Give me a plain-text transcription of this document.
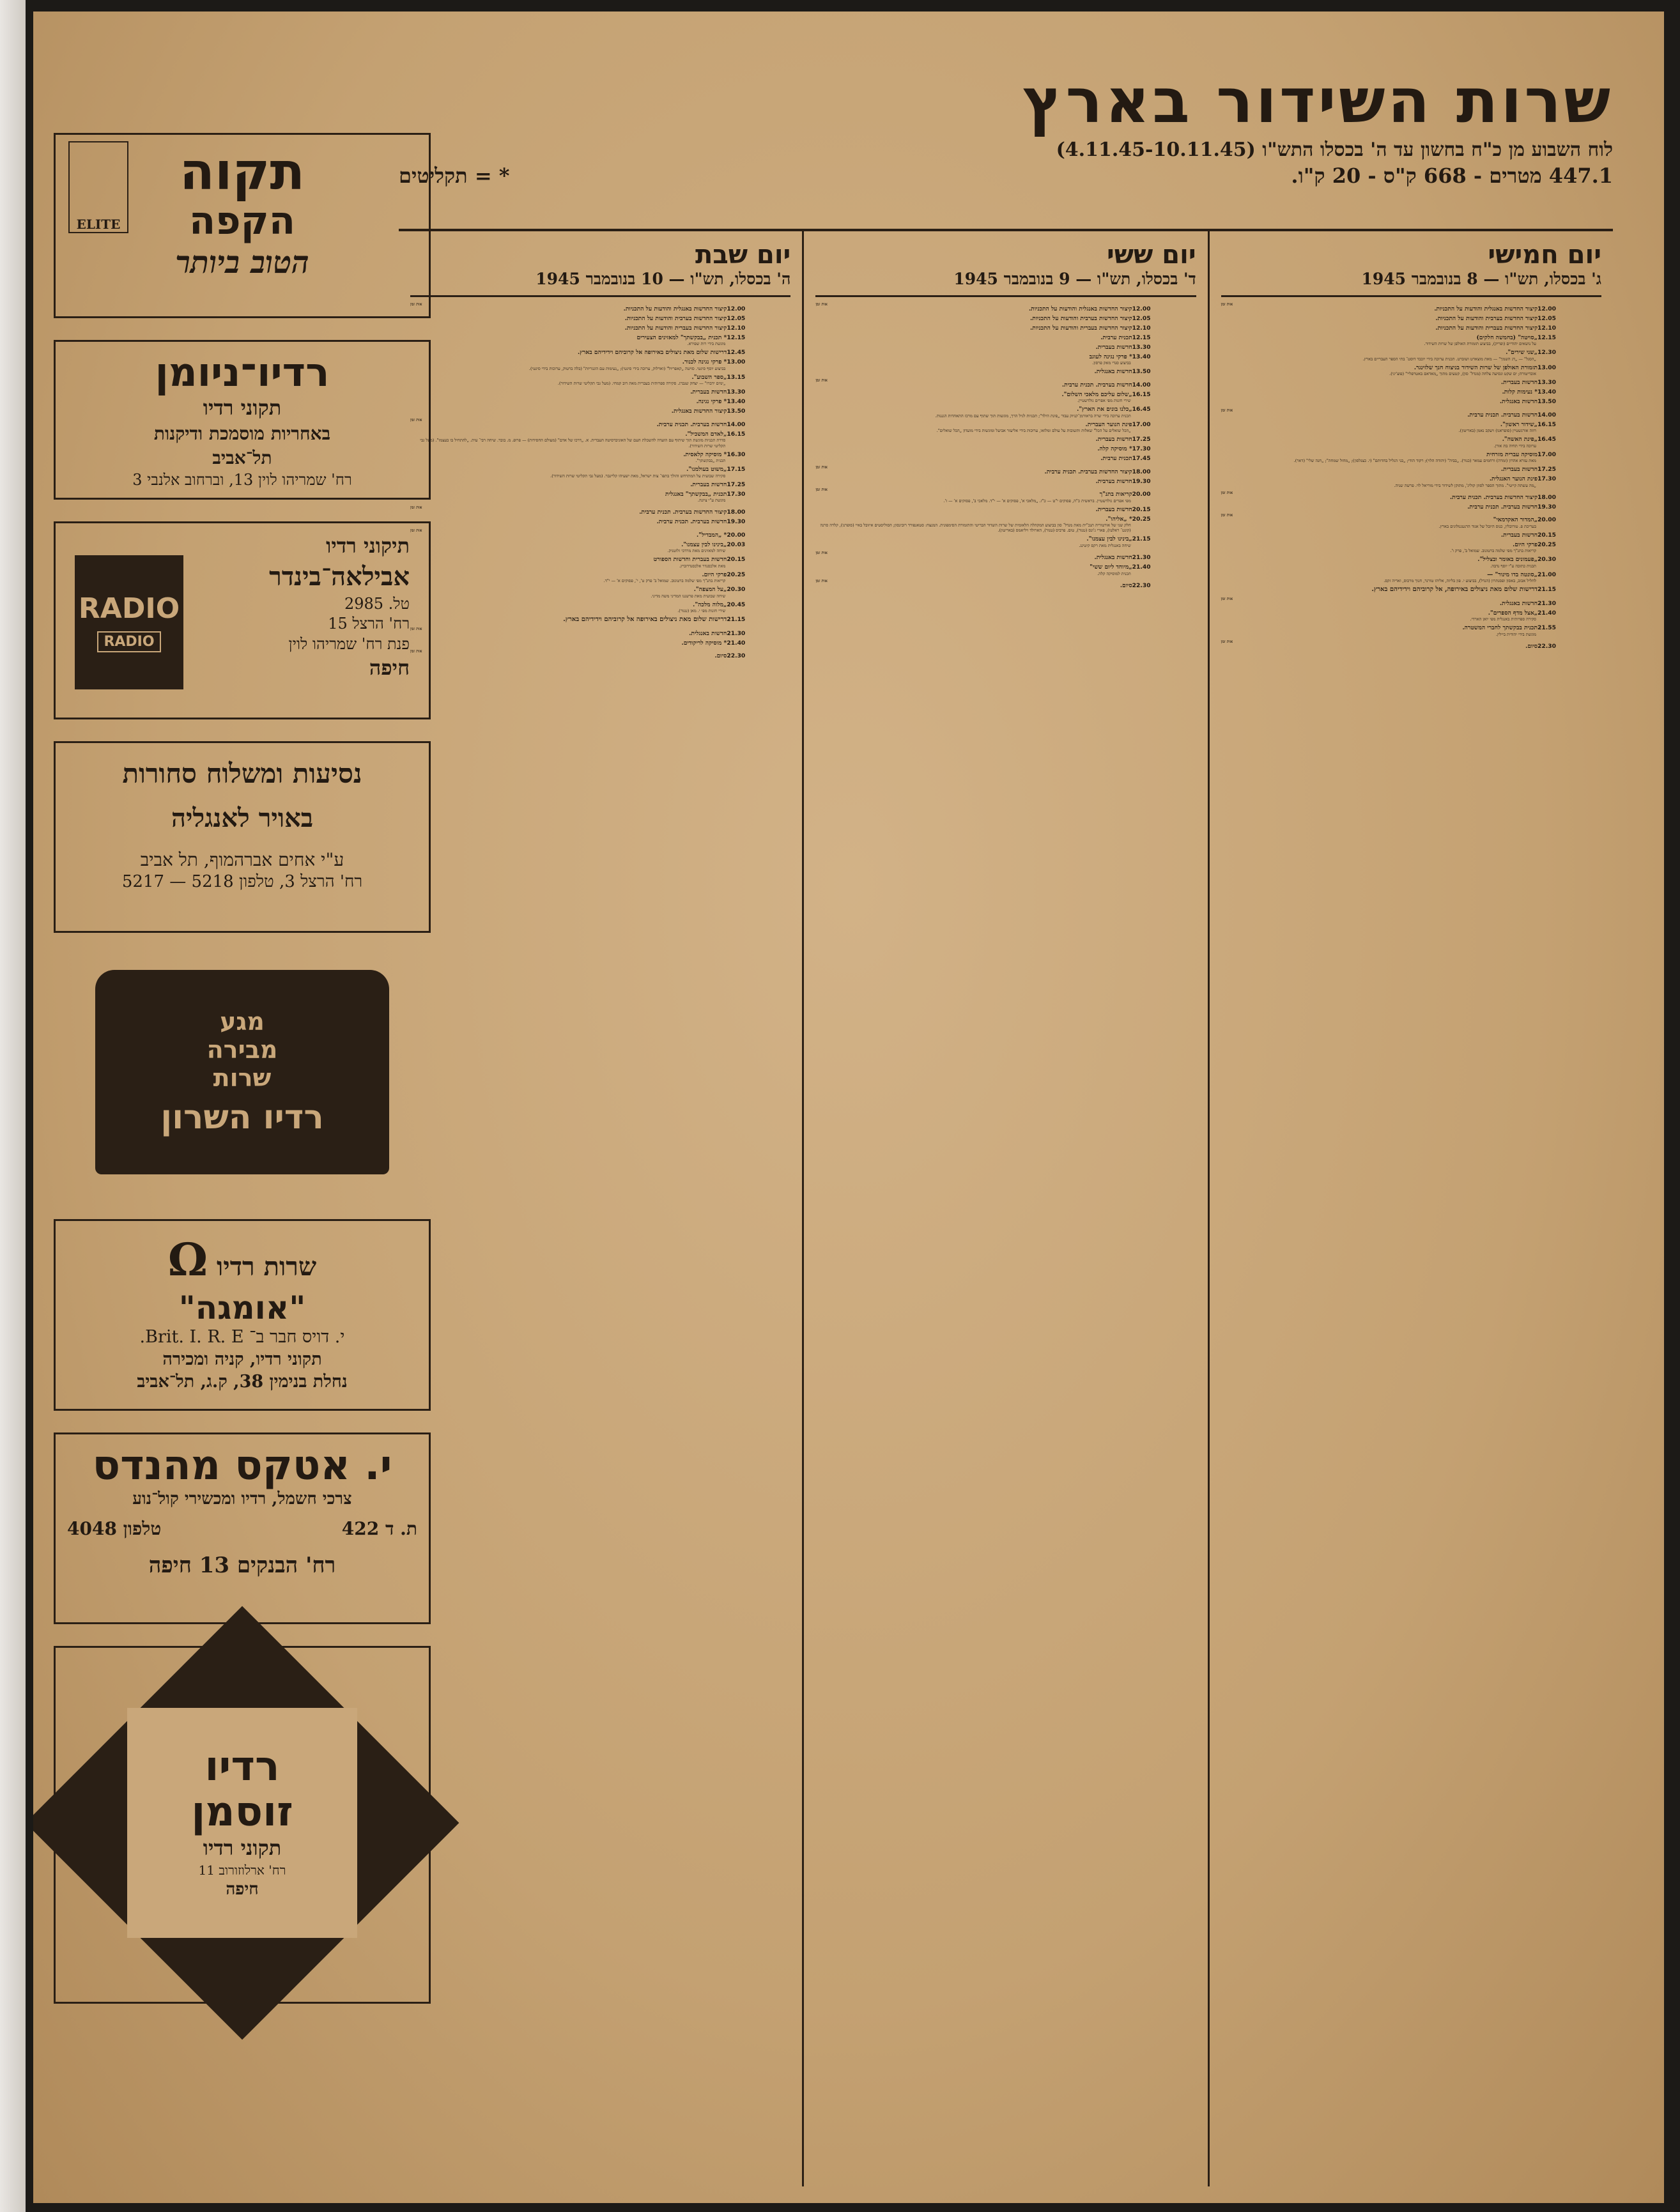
שרות השידור בארץ
לוח השבוע מן כ"ח בחשון עד ה' בכסלו התש"ו (4.11.45-10.11.45)
447.1 מטרים - 668 ק"ס - 20 ק"ו.
* = תקליטים
יום חמישי
ג' בכסלו, תש"ו — 8 בנובמבר 1945
אות זמן
12.00
קיצור החדשות באנגלית והודעות על התכניות.
12.05
קיצור החדשות בערבית והודעות על התכניות.
12.10
קיצור החדשות בעברית והודעות על התכניות.
12.15
„סויטה" (בחמשה חלקים)
על נושאים יהודיים (ופריק), בביצוע תזמורת האולפן של שרות השידור.
12.30
„שני שירים".
„הסגל" — „דג השמך" — מאת מוצארט ושוברט. תכנית ערוכה בידי יוכבד דוסט־ בתי הספר העבריים בארץ.
13.00
תזמורת האולפן של שרות השידור בניצוח חנך שלזינגר.
אובריטורה; ים שקט ונסיעה צלחה (מנדל־ סון), קטעים מתוך „מאדאם באטרפליי" (פוצ'יני).
13.30
חדשות בעברית.
13.40
* נעימות קלות.
13.50
חדשות באנגלית.
אות זמן
14.00
חדשות בערבית. תכנית ערבית.
16.15
„שידור ראשון".
רוזה אורנשטיין (סופראנו) ויעקב נאמן (באריטון).
16.45
„פינת האשה".
ערוכה בידי תחיה בת אורן.
17.00
מוסיקה עברית מזרחית
מאת עזרא אהרון (זמרה) ורחמים עמאר (כנור). „בביה" (יהודה הלוי); רקוד הודי; „בני הגליל בחדותם" (י. כצנלסון); „מחול שמחה"; „חנה שלי" (דאר).
17.25
חדשות בעברית.
17.30
פינת הנוער האנגלית.
„מה עשתה קייטי". מתוך הספר לסוזן קוליג', מתוקן לשידור בידי מוריאל לוי. פרשה שניה.
אות זמן
18.00
קיצור החדשות בערבית. תכנית ערבית.
19.30
חדשות בערבית. תכנית ערבית.
אות זמן
20.00
„המדור האקדמאי"
בעריכת פ. טורובלין, כנוס היובל של אגוד הרנטגנולוגים בארץ.
20.15
חדשות בעברית.
20.25
פרקי היום.
קריאות בתנ"ך מפי שלמה ברטונוב. שמואל ב', פרק ו'.
20.30
„פעמונים באומר ובצליל".
תכנית כתובה ע"י יוסף נדבה.
21.00
„סונטה בדו מינור" —
לחליל אבוב, באסון ופסנתרון (הנדל), בביצוע י. פון בליזה, אליהו טורנר, חנוך מרכוס, ואריה זקס.
21.15
דרישות שלום מאת ניצולים באירופה, אל קרוביהם וידידיהם בארץ.
אות זמן
21.30
חדשות באנגלית.
21.40
„אצל מדף הספרים".
סקירה ספרותית באנגלית מפי יואן הארדי.
21.55
תכנית בבקשתך לחברי המשטרה.
מוגשת בידי יהודית ביילין.
אות זמן
22.30
סיום.
יום ששי
ד' בכסלו, תש"ו — 9 בנובמבר 1945
אות זמן
12.00
קיצור החדשות באנגלית והודעות על התכניות.
12.05
קיצור החדשות בערבית והודעות על התכניות.
12.10
קיצור החדשות בעברית והודעות על התכניות.
12.15
תכנית ערבית.
13.30
חדשות בעברית.
13.40
* פרקי נגינה לעוגב
בביצוע סנדי מאק פרסון.
13.50
חדשות באנגלית.
אות זמן
14.00
חדשות בערבית. תכנית ערבית.
16.15
„שלום עליכם מלאכי השלום".
שירי חזנות מפי אפרים גולדשטיין.
16.45
„כלנו בונים את הארץ".
תכנית ערוכה בידי שרה בראורמן־קניוק עבור „פינת הילד"; תכניות לגיל הרך, מוגשות תוך שתוף עם מרכז התאחדות הגננות.
17.00
פינת הנוער העברית.
„הכל שואלים על הכל" שאלות ותשובות על עולם ומלואו, ערוכות בידי אליעזר אביעל ומוגשות בידי מועדון „הכל שואלים".
17.25
חדשות בעברית.
17.30
* מוסיקה קלה.
17.45
תכנית ערבית.
אות זמן
18.00
קיצור החדשות בערבית. תכנית ערבית.
19.30
חדשות בערבית.
אות זמן
20.00
קריאות בתנ"ך
מפי אפרים גולדשטיין. בראשית כ"ה, פסוקים י"ט — כ"ז. „מלאכי א', פסוקים א' — י"ד. מלאכי ב', פסוקים א' — ז'.
20.15
חדשות בעברית.
20.25
* „אליהו".
חלק שני של אורטוריה תנכ"ית מאת מנדל־ סון בביצוע המקהלה הלאומית של שרות השדור הבריטי והתזמורת הסימפונית. המנצח: סטאנפורד רובינסון; הסוליסטים איזובל באיי (סופרנו), קלרה סרנה (קונט־ ראלטו), פארי ג'ונס (טנור), טום. פרביס (טנור), הארולד ויליאמס (באריטון).
21.15
„בינינו לבין עצמנו".
שיחה באנגלית מאת רקס קיטינג.
אות זמן
21.30
חדשות באנגלית.
21.40
„מיוחד ליום ששי"
תכנית למוסיקה קלה.
אות זמן
22.30
סיום.
יום שבת
ה' בכסלו, תש"ו — 10 בנובמבר 1945
אות זמן
12.00
קיצור החדשות באנגלית והודעות על התכניות.
12.05
קיצור החדשות בערבית והודעות על התכניות.
12.10
קיצור החדשות בעברית והודעות על התכניות.
12.15
* תכנית „בבקשתך" למאזינים הצעירים
מוגשת בידי רות שפירא.
12.45
דרישות שלום מאת ניצולים באירופה אל קרוביהם וידידיהם בארץ.
13.00
* פרקי נגינה לכנור.
בביצוע יוסף סיגטי. סויטה „קאפריול" (וארלוק, ערוכה בידי סיגטי); „נעימות עם הונגריות" (בלה ברטוק, ערוכות בידי סיגטי).
13.15
„ספר השבוע".
„ימים ידברו" — יצחק שנברג. סקירה ספרותית בעברית מאת דוב קמחי. (מעל גבי תקליטי שרות השידור).
13.30
חדשות בעברית.
13.40
* פרקי נגינה.
13.50
קיצור החדשות באנגלית.
אות זמן
14.00
חדשות בערבית. תכנית ערבית.
16.15
„לאדם המשכיל".
סדרת תכניות מוגשת תוך שיתוף עם הועדה להשכלת העם של האוניברסיטה העברית. א. „דרכו של אדם" (מעולם החסידות) — פרופ. מ. בובר. שיחה רבי־ עית. „להתחיל בו בעצמו". (מעל גבי תקליטי שרות השידור).
16.30
* מוסיקה קלאסית.
תכנית „בבקשתך".
17.15
„משוט בעולמנו".
סקירה שבועית על המתרחש והולך בתפו־ צות ישראל, מאת ישעיהו קליינבר. (מעל גבי תקליטי שרות השידור).
17.25
חדשות בעברית.
17.30
תכנית „בבקשתך" באנגלית
מוגשת ע"י ציונה.
אות זמן
18.00
קיצור החדשות בערבית. תכנית ערבית.
19.30
חדשות בערבית. תכנית ערבית.
אות זמן
20.00
* „המבדיל".
20.03
„בינינו לבין עצמנו".
שיחה למאזינים מאת מרדכי זלוטניק.
20.15
חדשות בעברית וחדשות הספורט
מאת אלכסנדר אלכסנדרוביץ.
20.25
פרקי היום.
קריאות בתנ"ך מפי שלמה ברטונוב. שמואל ב' פרק ט', י', פסוקים א' — י"ד.
20.30
„על המצפה".
שיחה שבועית מאת פרשננו המדיני משה מדיני.
20.45
„מלוה מלכה".
שירי חזנות מפי י. מאן (טנור).
21.15
דרישות שלום מאת ניצולים באירופה אל קרוביהם וידידיהם בארץ.
אות זמן
21.30
חדשות באנגלית.
21.40
* מוסיקה לריקודים.
אות זמן
22.30
סיום.
תקוה
הקפה
הטוב ביותר
ELITE
רדיו־ניומן
תקוני רדיו
באחריות מוסמכת ודיקנות
תל־אביב
רח' שמריהו לוין 13, וברחוב אלנבי 3
תיקוני רדיו
אבילאה־בינדר
טל. 2985
רח' הרצל 15
פנת רח' שמריהו לוין
חיפה
RADIO
RADIO
נסיעות ומשלוח סחורות
באויר לאנגליה
ע"י אחים אברהמוף, תל אביב
רח' הרצל 3, טלפון 5218 — 5217
מגע
מבירה
שרות
רדיו השרון
שרות רדיו Ω
"אומגה"
י. דויס חבר ב־ Brit. I. R. E.
תקוני רדיו, קניה ומכירה
נחלת בנימין 38, ק.ג, תל־אביב
י. אטקס מהנדס
צרכי חשמל, רדיו ומכשירי קול־נוע
ת. ד 422
טלפון 4048
רח' הבנקים 13 חיפה
רדיו
זוסמן
תקוני רדיו
רח' ארלוזורוב 11
חיפה
